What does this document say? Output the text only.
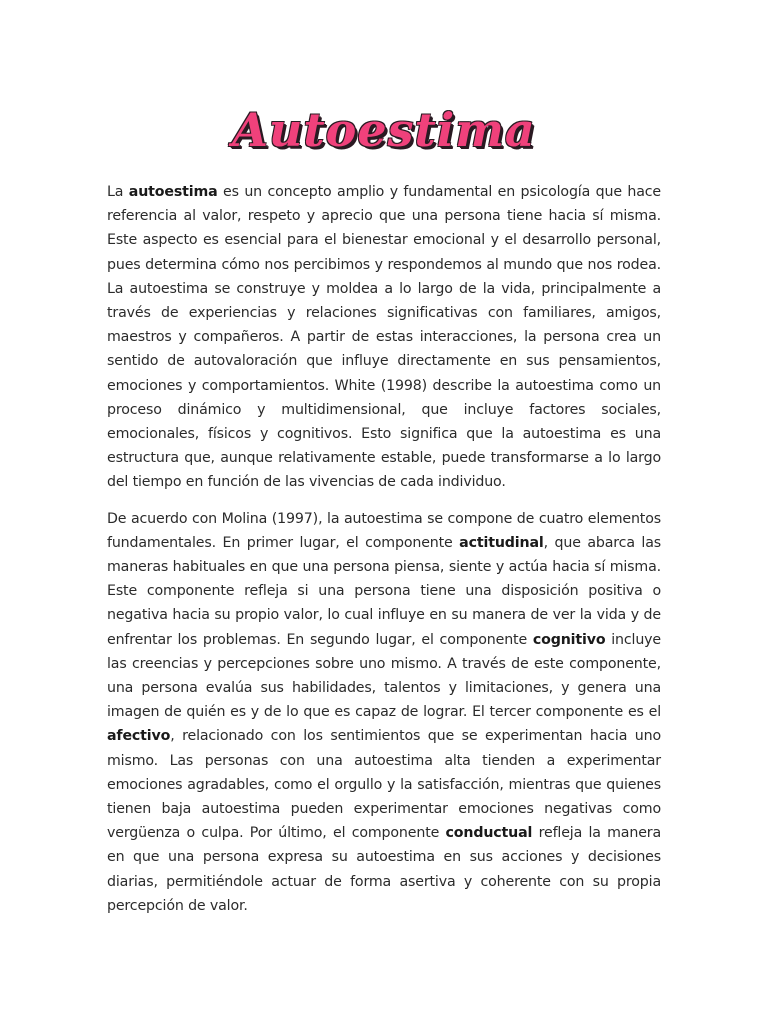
Autoestima

La autoestima es un concepto amplio y fundamental en psicología que hace referencia al valor, respeto y aprecio que una persona tiene hacia sí misma. Este aspecto es esencial para el bienestar emocional y el desarrollo personal, pues determina cómo nos percibimos y respondemos al mundo que nos rodea. La autoestima se construye y moldea a lo largo de la vida, principalmente a través de experiencias y relaciones significativas con familiares, amigos, maestros y compañeros. A partir de estas interacciones, la persona crea un sentido de autovaloración que influye directamente en sus pensamientos, emociones y comportamientos. White (1998) describe la autoestima como un proceso dinámico y multidimensional, que incluye factores sociales, emocionales, físicos y cognitivos. Esto significa que la autoestima es una estructura que, aunque relativamente estable, puede transformarse a lo largo del tiempo en función de las vivencias de cada individuo.

De acuerdo con Molina (1997), la autoestima se compone de cuatro elementos fundamentales. En primer lugar, el componente actitudinal, que abarca las maneras habituales en que una persona piensa, siente y actúa hacia sí misma. Este componente refleja si una persona tiene una disposición positiva o negativa hacia su propio valor, lo cual influye en su manera de ver la vida y de enfrentar los problemas. En segundo lugar, el componente cognitivo incluye las creencias y percepciones sobre uno mismo. A través de este componente, una persona evalúa sus habilidades, talentos y limitaciones, y genera una imagen de quién es y de lo que es capaz de lograr. El tercer componente es el afectivo, relacionado con los sentimientos que se experimentan hacia uno mismo. Las personas con una autoestima alta tienden a experimentar emociones agradables, como el orgullo y la satisfacción, mientras que quienes tienen baja autoestima pueden experimentar emociones negativas como vergüenza o culpa. Por último, el componente conductual refleja la manera en que una persona expresa su autoestima en sus acciones y decisiones diarias, permitiéndole actuar de forma asertiva y coherente con su propia percepción de valor.
